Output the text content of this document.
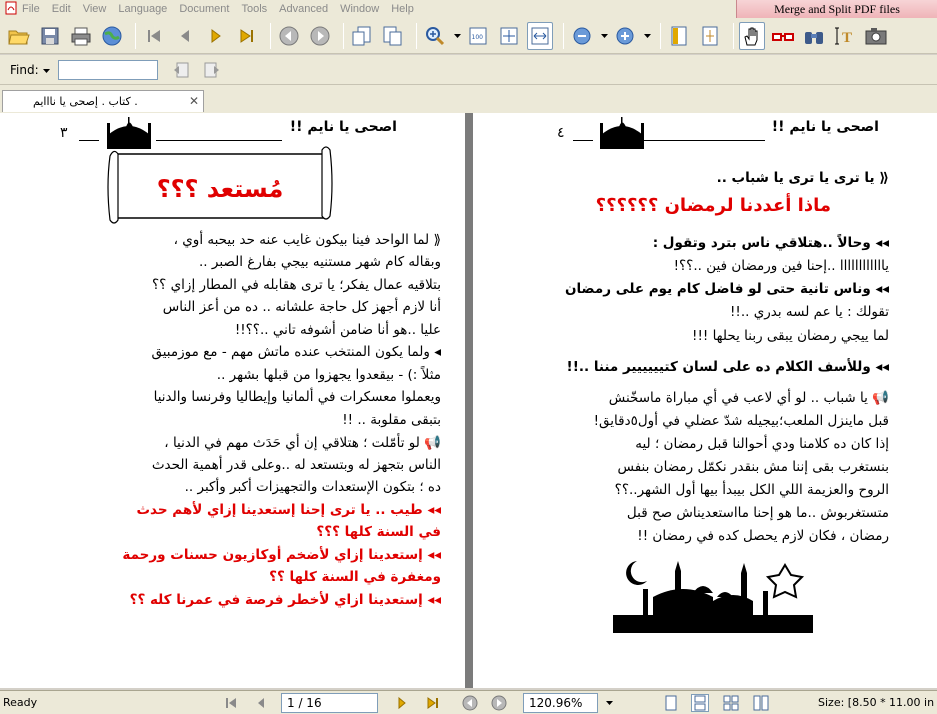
File	Edit	View	Language	Document	Tools	Advanced	Window	Help	Merge and Split PDF files
100	T
Find:
كتاب . إصحى يا نااايم .	✕
اصحى يا نايم !!
٣
مُستعد ؟؟؟
⟪ لما الواحد فينا بيكون غايب عنه حد بيحبه أوي ،
وبقاله كام شهر مستنيه بيجي بفارغ الصبر ..
بتلاقيه عمال يفكر؛ يا ترى هقابله في المطار إزاي ؟؟
أنا لازم أجهز كل حاجة علشانه .. ده من أعز الناس
عليا ..هو أنا ضامن أشوفه تاني ..؟؟!!
◂ ولما يكون المنتخب عنده ماتش مهم - مع موزمبيق
مثلاً :) - بيقعدوا يجهزوا من قبلها بشهر ..
ويعملوا معسكرات في ألمانيا وإيطاليا وفرنسا والدنيا
بتبقى مقلوبة .. !!
📢 لو تأمّلت ؛ هتلاقي إن أي حَدَث مهم في الدنيا ،
الناس بتجهز له وبتستعد له ..وعلى قدر أهمية الحدث
ده ؛ بتكون الإستعدات والتجهيزات أكبر وأكبر ..
◂◂ طيب .. يا ترى إحنا إستعدينا إزاي لأهم حدث
في السنة كلها ؟؟؟
◂◂ إستعدينا إزاي لأضخم أوكازيون حسنات ورحمة
ومغفرة في السنة كلها ؟؟
◂◂ إستعدينا ازاي لأخطر فرصة في عمرنا كله ؟؟
اصحى يا نايم !!
٤
⟪ يا ترى يا ترى يا شباب ..
ماذا أعددنا لرمضان ؟؟؟؟؟؟
◂◂ وحالاً ..هتلاقي ناس بترد وتقول :
ياااااااااااا ..إحنا فين ورمضان فين ..؟؟!
◂◂ وناس تانية حتى لو فاضل كام يوم على رمضان
تقولك : يا عم لسه بدري ..!!
لما ييجي رمضان يبقى ربنا يحلها !!!
◂◂ وللأسف الكلام ده على لسان كتيييييير مننا ..!!
📢 يا شباب .. لو أي لاعب في أي مباراة ماسخّنش
قبل ماينزل الملعب؛بيجيله شدّ عضلي في أول٥دقايق!
إذا كان ده كلامنا ودي أحوالنا قبل رمضان ؛ ليه
بنستغرب بقى إننا مش بنقدر نكمّل رمضان بنفس
الروح والعزيمة اللي الكل بيبدأ بيها أول الشهر..؟؟
متستغربوش ..ما هو إحنا مااستعديناش صح قبل
رمضان ، فكان لازم يحصل كده في رمضان !!
Ready	1 / 16	120.96%	Size: [8.50 * 11.00 in
